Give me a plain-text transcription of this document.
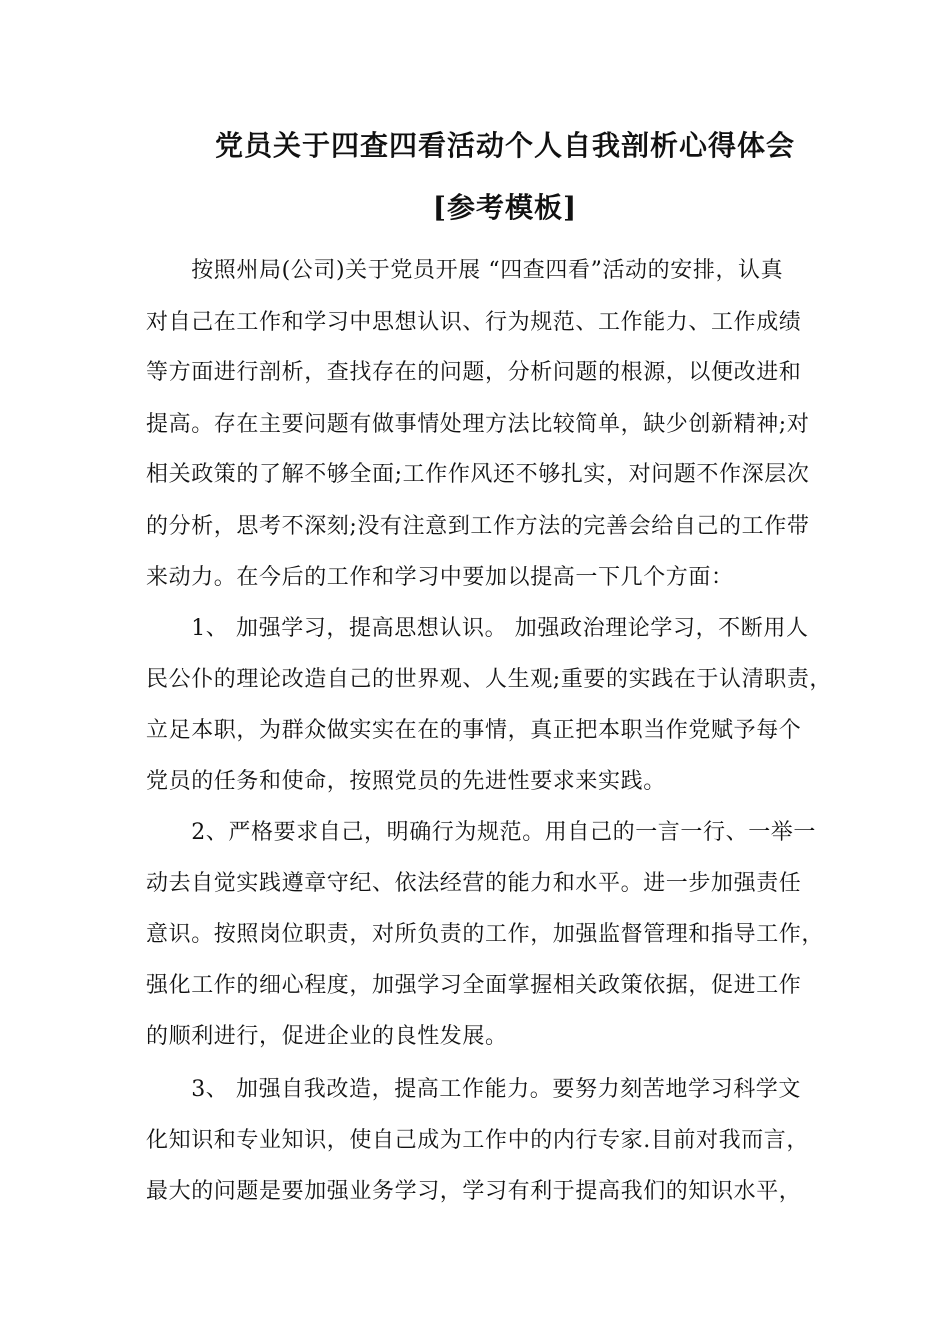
党员关于四查四看活动个人自我剖析心得体会
[参考模板]
　　按照州局(公司)关于党员开展 “四查四看”活动的安排，认真
对自己在工作和学习中思想认识、行为规范、工作能力、工作成绩
等方面进行剖析，查找存在的问题，分析问题的根源，以便改进和
提高。存在主要问题有做事情处理方法比较简单，缺少创新精神;对
相关政策的了解不够全面;工作作风还不够扎实，对问题不作深层次
的分析，思考不深刻;没有注意到工作方法的完善会给自己的工作带
来动力。在今后的工作和学习中要加以提高一下几个方面：
　　1、 加强学习，提高思想认识。 加强政治理论学习，不断用人
民公仆的理论改造自己的世界观、人生观;重要的实践在于认清职责，
立足本职，为群众做实实在在的事情，真正把本职当作党赋予每个
党员的任务和使命，按照党员的先进性要求来实践。
　　2、严格要求自己，明确行为规范。用自己的一言一行、一举一
动去自觉实践遵章守纪、依法经营的能力和水平。进一步加强责任
意识。按照岗位职责，对所负责的工作，加强监督管理和指导工作，
强化工作的细心程度，加强学习全面掌握相关政策依据，促进工作
的顺利进行，促进企业的良性发展。
　　3、 加强自我改造，提高工作能力。要努力刻苦地学习科学文
化知识和专业知识，使自己成为工作中的内行专家.目前对我而言，
最大的问题是要加强业务学习，学习有利于提高我们的知识水平，
